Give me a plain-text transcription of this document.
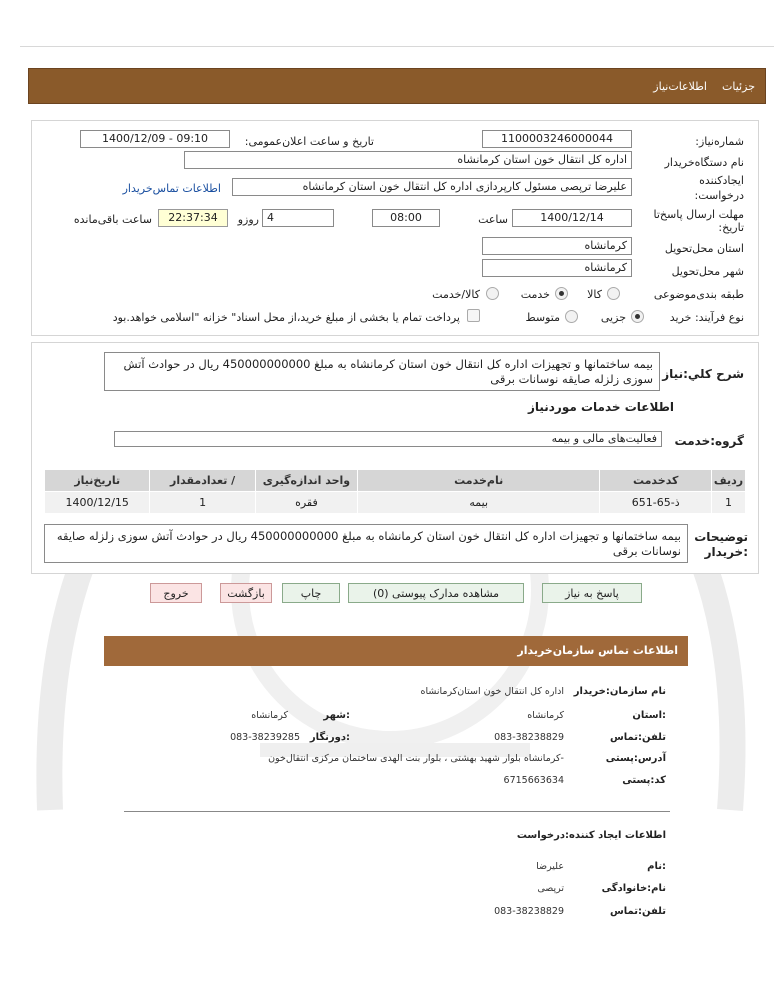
جزئیات
اطلاعات‌نیاز
شماره‌نیاز:
1100003246000044
تاریخ و ساعت اعلان‌عمومی:
1400/12/09 - 09:10
نام دستگاه‌خریدار
اداره کل انتقال خون استان کرمانشاه
ایجادکننده
درخواست:
علیرضا ترپصی مسئول کارپردازی اداره کل انتقال خون استان کرمانشاه
اطلاعات تماس‌خریدار
مهلت ارسال پاسخ‌تا
تاریخ:
1400/12/14
ساعت
08:00
4
روزو
22:37:34
ساعت باقی‌مانده
استان محل‌تحویل
کرمانشاه
شهر محل‌تحویل
کرمانشاه
طبقه بندی‌موضوعی
کالا
خدمت
کالا/خدمت
نوع فرآیند: خرید
جزیی
متوسط
پرداخت تمام یا بخشی از مبلغ خرید،از محل اسناد" خزانه "اسلامی خواهد.بود
شرح کلي:نیاز
بیمه ساختمانها و تجهیزات اداره کل انتقال خون استان کرمانشاه به مبلغ 450000000000 ریال در حوادث آتش سوزی زلزله صایقه نوسانات برقی
اطلاعات خدمات موردنیاز
گروه:خدمت
فعالیت‌های مالی و بیمه
ردیف	کدخدمت	نام‌خدمت	واحد اندازه‌گیری	/ تعدادمقدار	تاریخ‌نیاز
1	ذ-65-651	بیمه	فقره	1	1400/12/15
توضیحات
:خریدار
بیمه ساختمانها و تجهیزات اداره کل انتقال خون استان کرمانشاه به مبلغ 450000000000 ریال در حوادث آتش سوزی زلزله صایقه نوسانات برقی
پاسخ به نیاز
مشاهده مدارک پیوستی (0)
چاپ
بازگشت
خروج
اطلاعات تماس سازمان‌خریدار
نام سازمان:خریدار
اداره کل انتقال خون استان‌کرمانشاه
:استان
کرمانشاه
:شهر
کرمانشاه
تلفن:تماس
083-38238829
:دورنگار
083-38239285
آدرس:پستی
-کرمانشاه بلوار شهید بهشتی ، بلوار بنت الهدی ساختمان مرکزی انتقال‌خون
کد:پستی
6715663634
اطلاعات ایجاد کننده:درخواست
:نام
علیرضا
نام:خانوادگی
ترپصی
تلفن:تماس
083-38238829
